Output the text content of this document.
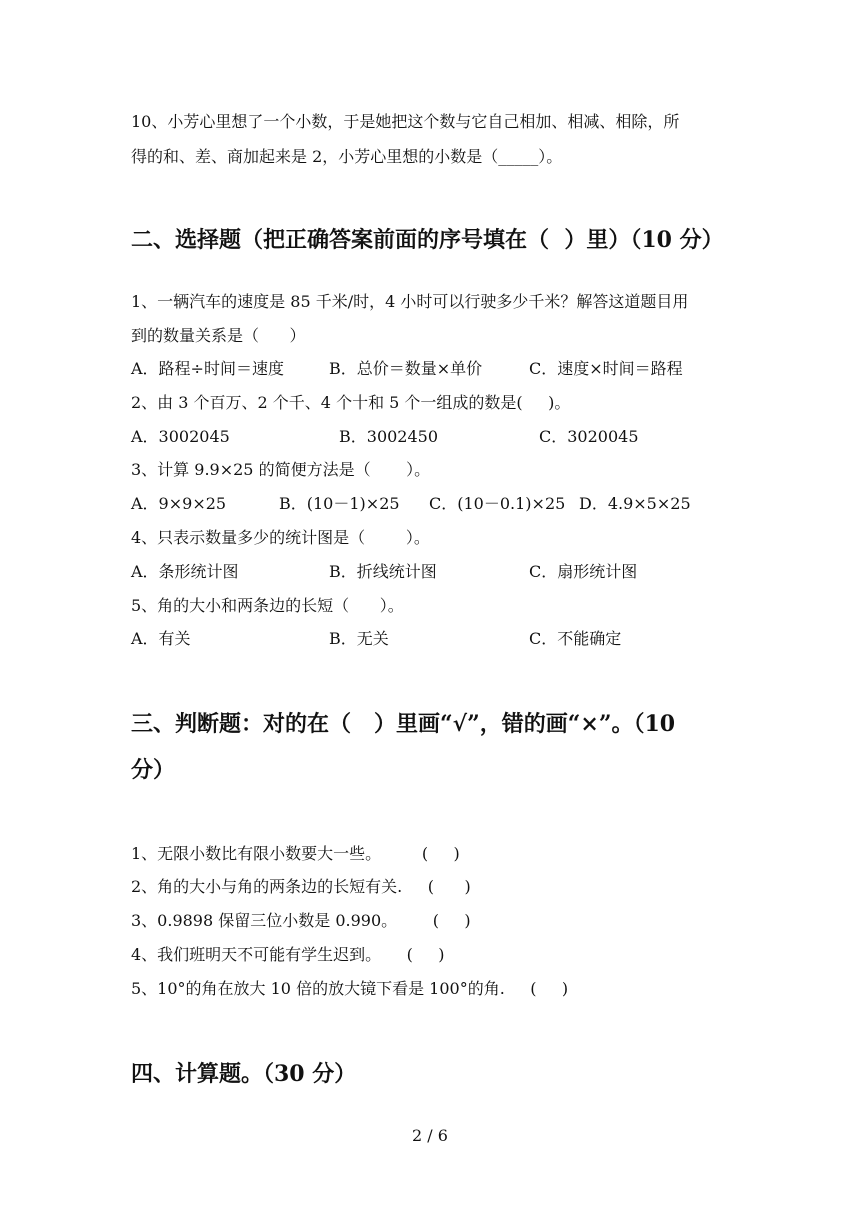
10、小芳心里想了一个小数，于是她把这个数与它自己相加、相减、相除，所
得的和、差、商加起来是 2，小芳心里想的小数是（_____）。
二、选择题（把正确答案前面的序号填在（  ）里）（10 分）
1、一辆汽车的速度是 85 千米/时，4 小时可以行驶多少千米？解答这道题目用
到的数量关系是（      ）
A．路程÷时间＝速度	B．总价＝数量×单价	C．速度×时间＝路程
2、由 3 个百万、2 个千、4 个十和 5 个一组成的数是(     )。
A．3002045	B．3002450	C．3020045
3、计算 9.9×25 的简便方法是（       ）。
A．9×9×25	B．(10－1)×25 C．(10－0.1)×25 D．4.9×5×25
4、只表示数量多少的统计图是（        ）。
A．条形统计图	B．折线统计图	C．扇形统计图
5、角的大小和两条边的长短（      ）。
A．有关	B．无关	C．不能确定
三、判断题：对的在（   ）里画“√”，错的画“×”。（10
分）
1、无限小数比有限小数要大一些。        (     )
2、角的大小与角的两条边的长短有关.     (      )
3、0.9898 保留三位小数是 0.990。       (     )
4、我们班明天不可能有学生迟到。     (     )
5、10°的角在放大 10 倍的放大镜下看是 100°的角.     (     )
四、计算题。（30 分）
2 / 6
